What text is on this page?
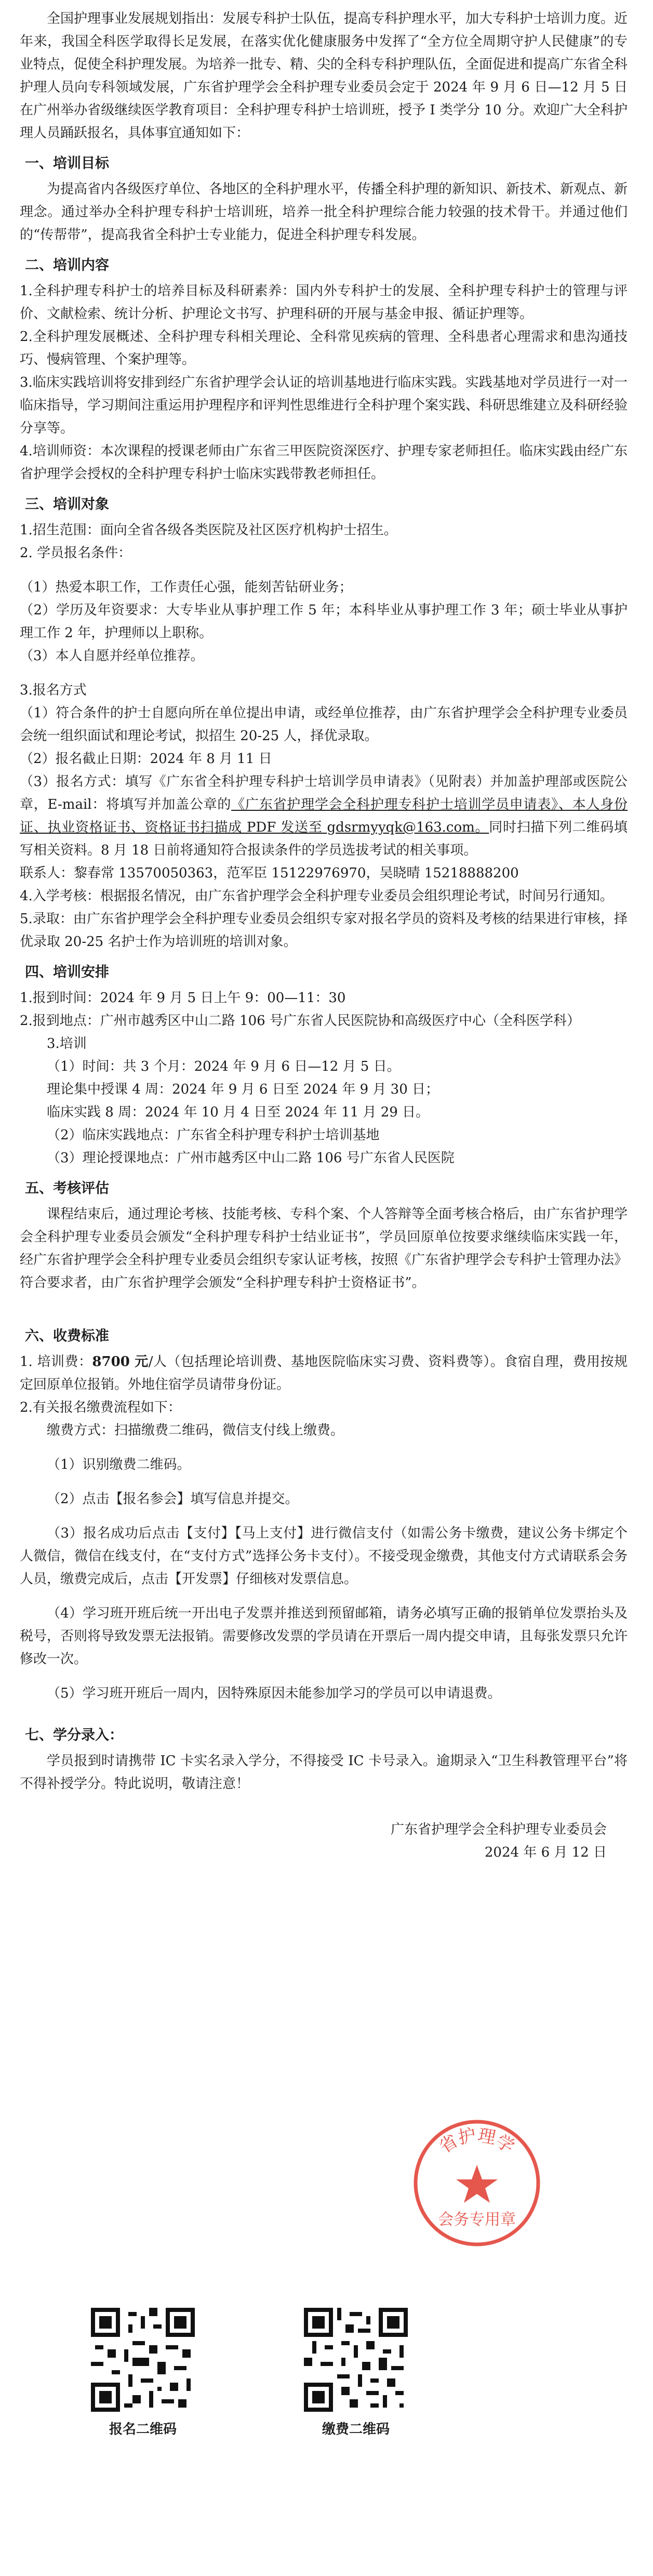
全国护理事业发展规划指出：发展专科护士队伍，提高专科护理水平，加大专科护士培训力度。近年来，我国全科医学取得长足发展，在落实优化健康服务中发挥了“全方位全周期守护人民健康”的专业特点，促使全科护理发展。为培养一批专、精、尖的全科专科护理队伍，全面促进和提高广东省全科护理人员向专科领域发展，广东省护理学会全科护理专业委员会定于 2024 年 9 月 6 日—12 月 5 日在广州举办省级继续医学教育项目：全科护理专科护士培训班，授予 I 类学分 10 分。欢迎广大全科护理人员踊跃报名，具体事宜通知如下：

一、培训目标

为提高省内各级医疗单位、各地区的全科护理水平，传播全科护理的新知识、新技术、新观点、新理念。通过举办全科护理专科护士培训班，培养一批全科护理综合能力较强的技术骨干。并通过他们的“传帮带”，提高我省全科护士专业能力，促进全科护理专科发展。

二、培训内容

1.全科护理专科护士的培养目标及科研素养：国内外专科护士的发展、全科护理专科护士的管理与评价、文献检索、统计分析、护理论文书写、护理科研的开展与基金申报、循证护理等。

2.全科护理发展概述、全科护理专科相关理论、全科常见疾病的管理、全科患者心理需求和患沟通技巧、慢病管理、个案护理等。

3.临床实践培训将安排到经广东省护理学会认证的培训基地进行临床实践。实践基地对学员进行一对一临床指导，学习期间注重运用护理程序和评判性思维进行全科护理个案实践、科研思维建立及科研经验分享等。

4.培训师资：本次课程的授课老师由广东省三甲医院资深医疗、护理专家老师担任。临床实践由经广东省护理学会授权的全科护理专科护士临床实践带教老师担任。

三、培训对象

1.招生范围：面向全省各级各类医院及社区医疗机构护士招生。

2. 学员报名条件：

（1）热爱本职工作，工作责任心强，能刻苦钻研业务；

（2）学历及年资要求：大专毕业从事护理工作 5 年；本科毕业从事护理工作 3 年；硕士毕业从事护理工作 2 年，护理师以上职称。

（3）本人自愿并经单位推荐。

3.报名方式

（1）符合条件的护士自愿向所在单位提出申请，或经单位推荐，由广东省护理学会全科护理专业委员会统一组织面试和理论考试，拟招生 20-25 人，择优录取。

（2）报名截止日期：2024 年 8 月 11 日

（3）报名方式：填写《广东省全科护理专科护士培训学员申请表》（见附表）并加盖护理部或医院公章，E-mail：将填写并加盖公章的《广东省护理学会全科护理专科护士培训学员申请表》、本人身份证、执业资格证书、资格证书扫描成 PDF 发送至 gdsrmyyqk@163.com。同时扫描下列二维码填写相关资料。8 月 18 日前将通知符合报读条件的学员选拔考试的相关事项。

联系人：黎春常 13570050363，范军臣 15122976970，吴晓晴 15218888200

4.入学考核：根据报名情况，由广东省护理学会全科护理专业委员会组织理论考试，时间另行通知。

5.录取：由广东省护理学会全科护理专业委员会组织专家对报名学员的资料及考核的结果进行审核，择优录取 20-25 名护士作为培训班的培训对象。

四、培训安排

1.报到时间：2024 年 9 月 5 日上午 9：00—11：30

2.报到地点：广州市越秀区中山二路 106 号广东省人民医院协和高级医疗中心（全科医学科）

3.培训

（1）时间：共 3 个月：2024 年 9 月 6 日—12 月 5 日。

理论集中授课 4 周：2024 年 9 月 6 日至 2024 年 9 月 30 日；

临床实践 8 周：2024 年 10 月 4 日至 2024 年 11 月 29 日。

（2）临床实践地点：广东省全科护理专科护士培训基地

（3）理论授课地点：广州市越秀区中山二路 106 号广东省人民医院

五、考核评估

课程结束后，通过理论考核、技能考核、专科个案、个人答辩等全面考核合格后，由广东省护理学会全科护理专业委员会颁发“全科护理专科护士结业证书”，学员回原单位按要求继续临床实践一年，经广东省护理学会全科护理专业委员会组织专家认证考核，按照《广东省护理学会专科护士管理办法》符合要求者，由广东省护理学会颁发“全科护理专科护士资格证书”。

六、收费标准

1. 培训费：8700 元/人（包括理论培训费、基地医院临床实习费、资料费等）。食宿自理，费用按规定回原单位报销。外地住宿学员请带身份证。

2.有关报名缴费流程如下：

缴费方式：扫描缴费二维码，微信支付线上缴费。

（1）识别缴费二维码。

（2）点击【报名参会】填写信息并提交。

（3）报名成功后点击【支付】【马上支付】进行微信支付（如需公务卡缴费，建议公务卡绑定个人微信，微信在线支付，在“支付方式”选择公务卡支付）。不接受现金缴费，其他支付方式请联系会务人员，缴费完成后，点击【开发票】仔细核对发票信息。

（4）学习班开班后统一开出电子发票并推送到预留邮箱，请务必填写正确的报销单位发票抬头及税号，否则将导致发票无法报销。需要修改发票的学员请在开票后一周内提交申请，且每张发票只允许修改一次。

（5）学习班开班后一周内，因特殊原因未能参加学习的学员可以申请退费。

七、学分录入：

学员报到时请携带 IC 卡实名录入学分，不得接受 IC 卡号录入。逾期录入“卫生科教管理平台”将不得补授学分。特此说明，敬请注意！

广东省护理学会全科护理专业委员会

2024 年 6 月 12 日

省护理学
会务专用章

报名二维码	缴费二维码
